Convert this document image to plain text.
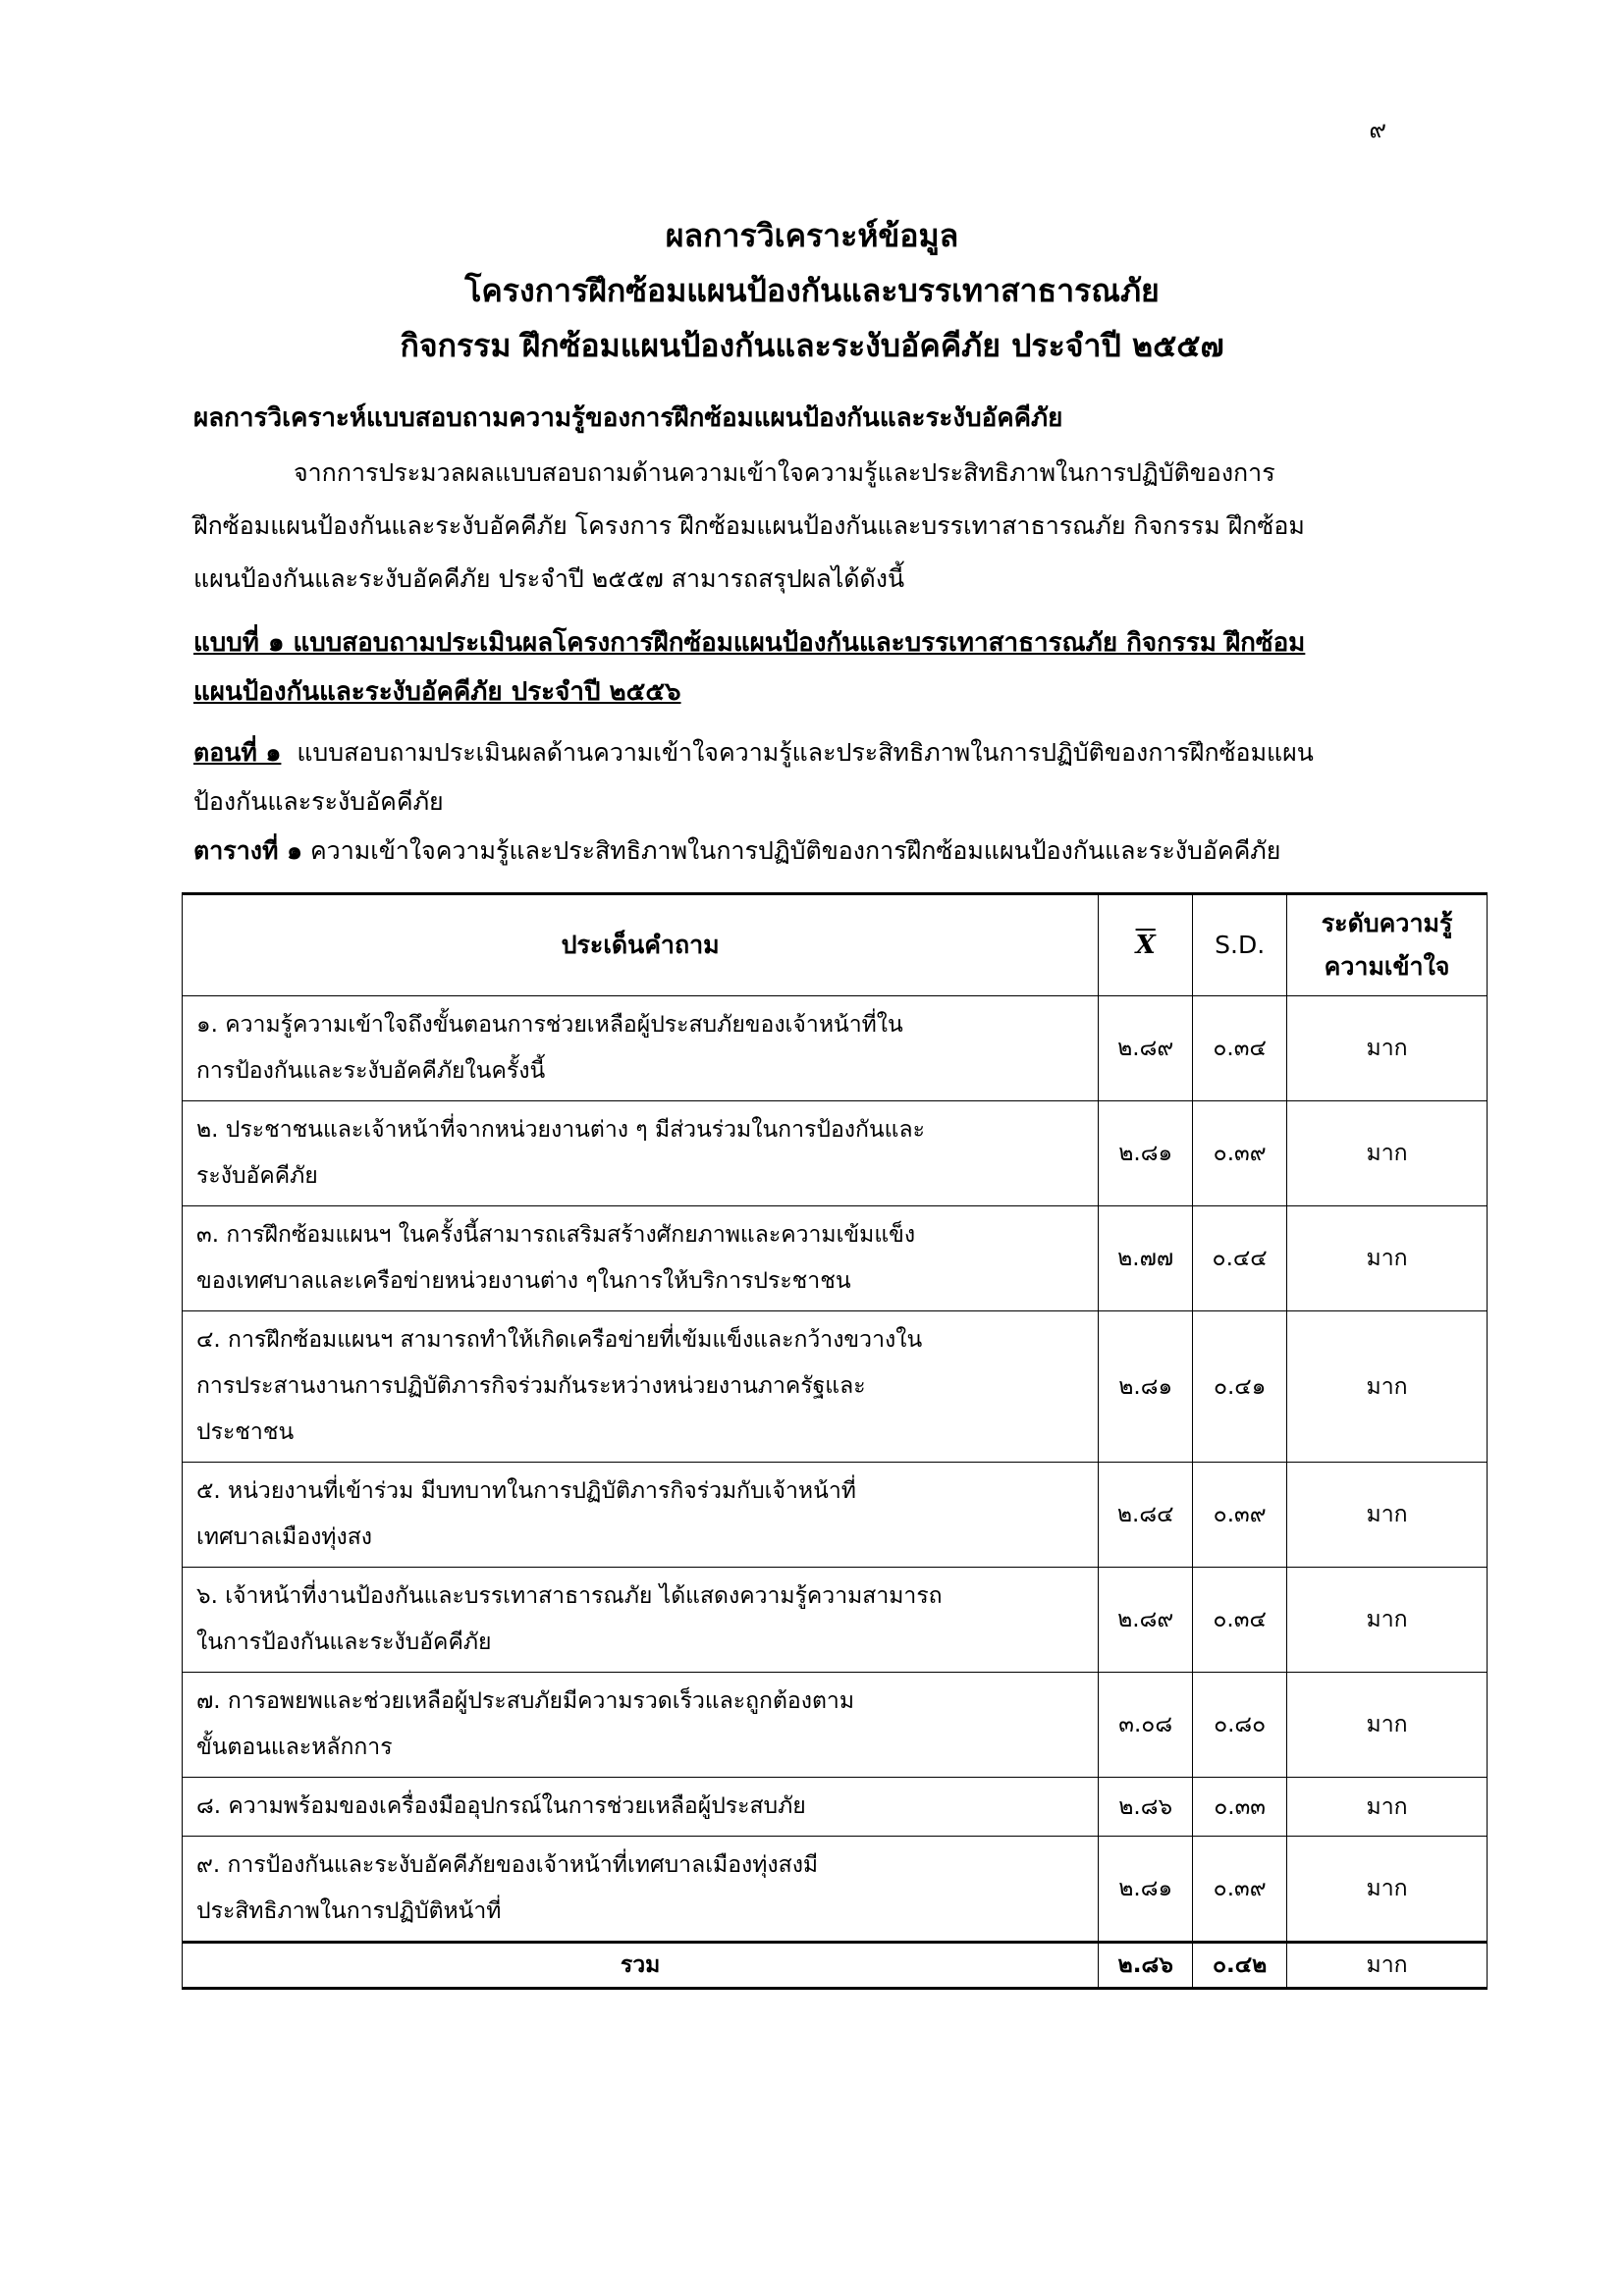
๙
ผลการวิเคราะห์ข้อมูล
โครงการฝึกซ้อมแผนป้องกันและบรรเทาสาธารณภัย
กิจกรรม ฝึกซ้อมแผนป้องกันและระงับอัคคีภัย ประจำปี ๒๕๕๗
ผลการวิเคราะห์แบบสอบถามความรู้ของการฝึกซ้อมแผนป้องกันและระงับอัคคีภัย
จากการประมวลผลแบบสอบถามด้านความเข้าใจความรู้และประสิทธิภาพในการปฏิบัติของการ
ฝึกซ้อมแผนป้องกันและระงับอัคคีภัย โครงการ ฝึกซ้อมแผนป้องกันและบรรเทาสาธารณภัย กิจกรรม ฝึกซ้อม
แผนป้องกันและระงับอัคคีภัย ประจำปี ๒๕๕๗ สามารถสรุปผลได้ดังนี้
แบบที่ ๑ แบบสอบถามประเมินผลโครงการฝึกซ้อมแผนป้องกันและบรรเทาสาธารณภัย กิจกรรม ฝึกซ้อม
แผนป้องกันและระงับอัคคีภัย ประจำปี ๒๕๕๖
ตอนที่ ๑ แบบสอบถามประเมินผลด้านความเข้าใจความรู้และประสิทธิภาพในการปฏิบัติของการฝึกซ้อมแผน
ป้องกันและระงับอัคคีภัย
ตารางที่ ๑ ความเข้าใจความรู้และประสิทธิภาพในการปฏิบัติของการฝึกซ้อมแผนป้องกันและระงับอัคคีภัย
ประเด็นคำถาม	$\overline{X}$	S.D.	ระดับความรู้
ความเข้าใจ

๑. ความรู้ความเข้าใจถึงขั้นตอนการช่วยเหลือผู้ประสบภัยของเจ้าหน้าที่ใน
การป้องกันและระงับอัคคีภัยในครั้งนี้	๒.๘๙	๐.๓๔	มาก

๒. ประชาชนและเจ้าหน้าที่จากหน่วยงานต่าง ๆ มีส่วนร่วมในการป้องกันและ
ระงับอัคคีภัย	๒.๘๑	๐.๓๙	มาก

๓. การฝึกซ้อมแผนฯ ในครั้งนี้สามารถเสริมสร้างศักยภาพและความเข้มแข็ง
ของเทศบาลและเครือข่ายหน่วยงานต่าง ๆในการให้บริการประชาชน	๒.๗๗	๐.๔๔	มาก

๔. การฝึกซ้อมแผนฯ สามารถทำให้เกิดเครือข่ายที่เข้มแข็งและกว้างขวางใน
การประสานงานการปฏิบัติภารกิจร่วมกันระหว่างหน่วยงานภาครัฐและ
ประชาชน	๒.๘๑	๐.๔๑	มาก

๕. หน่วยงานที่เข้าร่วม มีบทบาทในการปฏิบัติภารกิจร่วมกับเจ้าหน้าที่
เทศบาลเมืองทุ่งสง	๒.๘๔	๐.๓๙	มาก

๖. เจ้าหน้าที่งานป้องกันและบรรเทาสาธารณภัย ได้แสดงความรู้ความสามารถ
ในการป้องกันและระงับอัคคีภัย	๒.๘๙	๐.๓๔	มาก

๗. การอพยพและช่วยเหลือผู้ประสบภัยมีความรวดเร็วและถูกต้องตาม
ขั้นตอนและหลักการ	๓.๐๘	๐.๘๐	มาก

๘. ความพร้อมของเครื่องมืออุปกรณ์ในการช่วยเหลือผู้ประสบภัย	๒.๘๖	๐.๓๓	มาก

๙. การป้องกันและระงับอัคคีภัยของเจ้าหน้าที่เทศบาลเมืองทุ่งสงมี
ประสิทธิภาพในการปฏิบัติหน้าที่	๒.๘๑	๐.๓๙	มาก
รวม	๒.๘๖	๐.๔๒	มาก
